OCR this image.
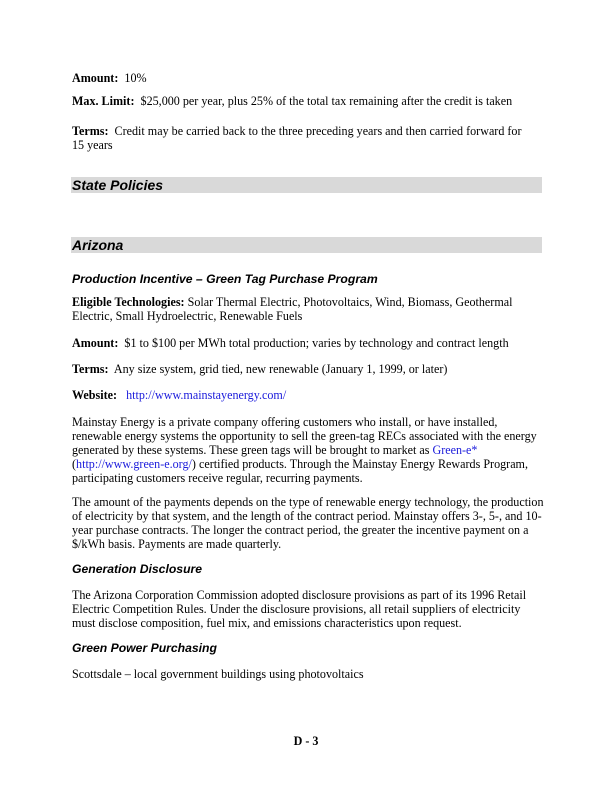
Amount: 10%
Max. Limit: $25,000 per year, plus 25% of the total tax remaining after the credit is taken
Terms: Credit may be carried back to the three preceding years and then carried forward for 15 years
State Policies
Arizona
Production Incentive – Green Tag Purchase Program
Eligible Technologies: Solar Thermal Electric, Photovoltaics, Wind, Biomass, Geothermal Electric, Small Hydroelectric, Renewable Fuels
Amount: $1 to $100 per MWh total production; varies by technology and contract length
Terms: Any size system, grid tied, new renewable (January 1, 1999, or later)
Website: http://www.mainstayenergy.com/
Mainstay Energy is a private company offering customers who install, or have installed, renewable energy systems the opportunity to sell the green-tag RECs associated with the energy generated by these systems. These green tags will be brought to market as Green-e* (http://www.green-e.org/) certified products. Through the Mainstay Energy Rewards Program, participating customers receive regular, recurring payments.
The amount of the payments depends on the type of renewable energy technology, the production of electricity by that system, and the length of the contract period. Mainstay offers 3-, 5-, and 10-year purchase contracts. The longer the contract period, the greater the incentive payment on a $/kWh basis. Payments are made quarterly.
Generation Disclosure
The Arizona Corporation Commission adopted disclosure provisions as part of its 1996 Retail Electric Competition Rules. Under the disclosure provisions, all retail suppliers of electricity must disclose composition, fuel mix, and emissions characteristics upon request.
Green Power Purchasing
Scottsdale – local government buildings using photovoltaics
D - 3
